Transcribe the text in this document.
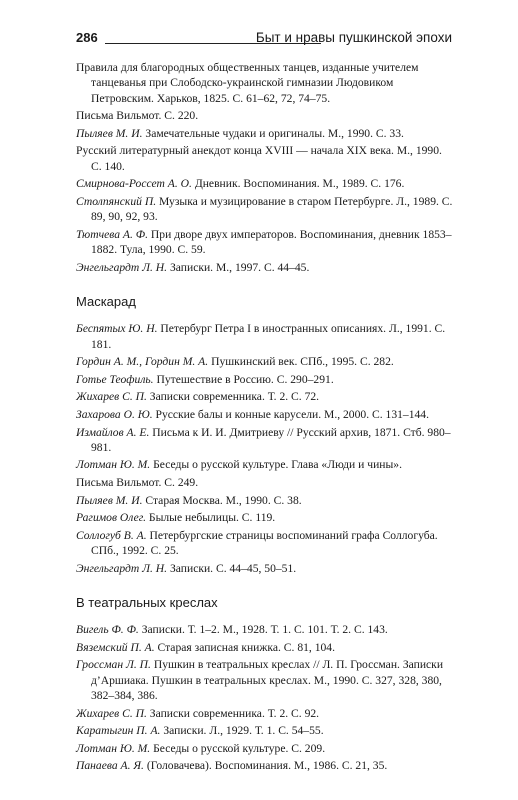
286	Быт и нравы пушкинской эпохи
Правила для благородных общественных танцев, изданные учителем танцеванья при Слободско-украинской гимназии Людовиком Петровским. Харьков, 1825. С. 61–62, 72, 74–75.
Письма Вильмот. С. 220.
Пыляев М. И. Замечательные чудаки и оригиналы. М., 1990. С. 33.
Русский литературный анекдот конца XVIII — начала XIX века. М., 1990. С. 140.
Смирнова-Россет А. О. Дневник. Воспоминания. М., 1989. С. 176.
Столпянский П. Музыка и музицирование в старом Петербурге. Л., 1989. С. 89, 90, 92, 93.
Тютчева А. Ф. При дворе двух императоров. Воспоминания, дневник 1853–1882. Тула, 1990. С. 59.
Энгельгардт Л. Н. Записки. М., 1997. С. 44–45.
Маскарад
Беспятых Ю. Н. Петербург Петра I в иностранных описаниях. Л., 1991. С. 181.
Гордин А. М., Гордин М. А. Пушкинский век. СПб., 1995. С. 282.
Готье Теофиль. Путешествие в Россию. С. 290–291.
Жихарев С. П. Записки современника. Т. 2. С. 72.
Захарова О. Ю. Русские балы и конные карусели. М., 2000. С. 131–144.
Измайлов А. Е. Письма к И. И. Дмитриеву // Русский архив, 1871. Стб. 980–981.
Лотман Ю. М. Беседы о русской культуре. Глава «Люди и чины».
Письма Вильмот. С. 249.
Пыляев М. И. Старая Москва. М., 1990. С. 38.
Рагимов Олег. Былые небылицы. С. 119.
Соллогуб В. А. Петербургские страницы воспоминаний графа Соллогуба. СПб., 1992. С. 25.
Энгельгардт Л. Н. Записки. С. 44–45, 50–51.
В театральных креслах
Вигель Ф. Ф. Записки. Т. 1–2. М., 1928. Т. 1. С. 101. Т. 2. С. 143.
Вяземский П. А. Старая записная книжка. С. 81, 104.
Гроссман Л. П. Пушкин в театральных креслах // Л. П. Гроссман. Записки д’Аршиака. Пушкин в театральных креслах. М., 1990. С. 327, 328, 380, 382–384, 386.
Жихарев С. П. Записки современника. Т. 2. С. 92.
Каратыгин П. А. Записки. Л., 1929. Т. 1. С. 54–55.
Лотман Ю. М. Беседы о русской культуре. С. 209.
Панаева А. Я. (Головачева). Воспоминания. М., 1986. С. 21, 35.
